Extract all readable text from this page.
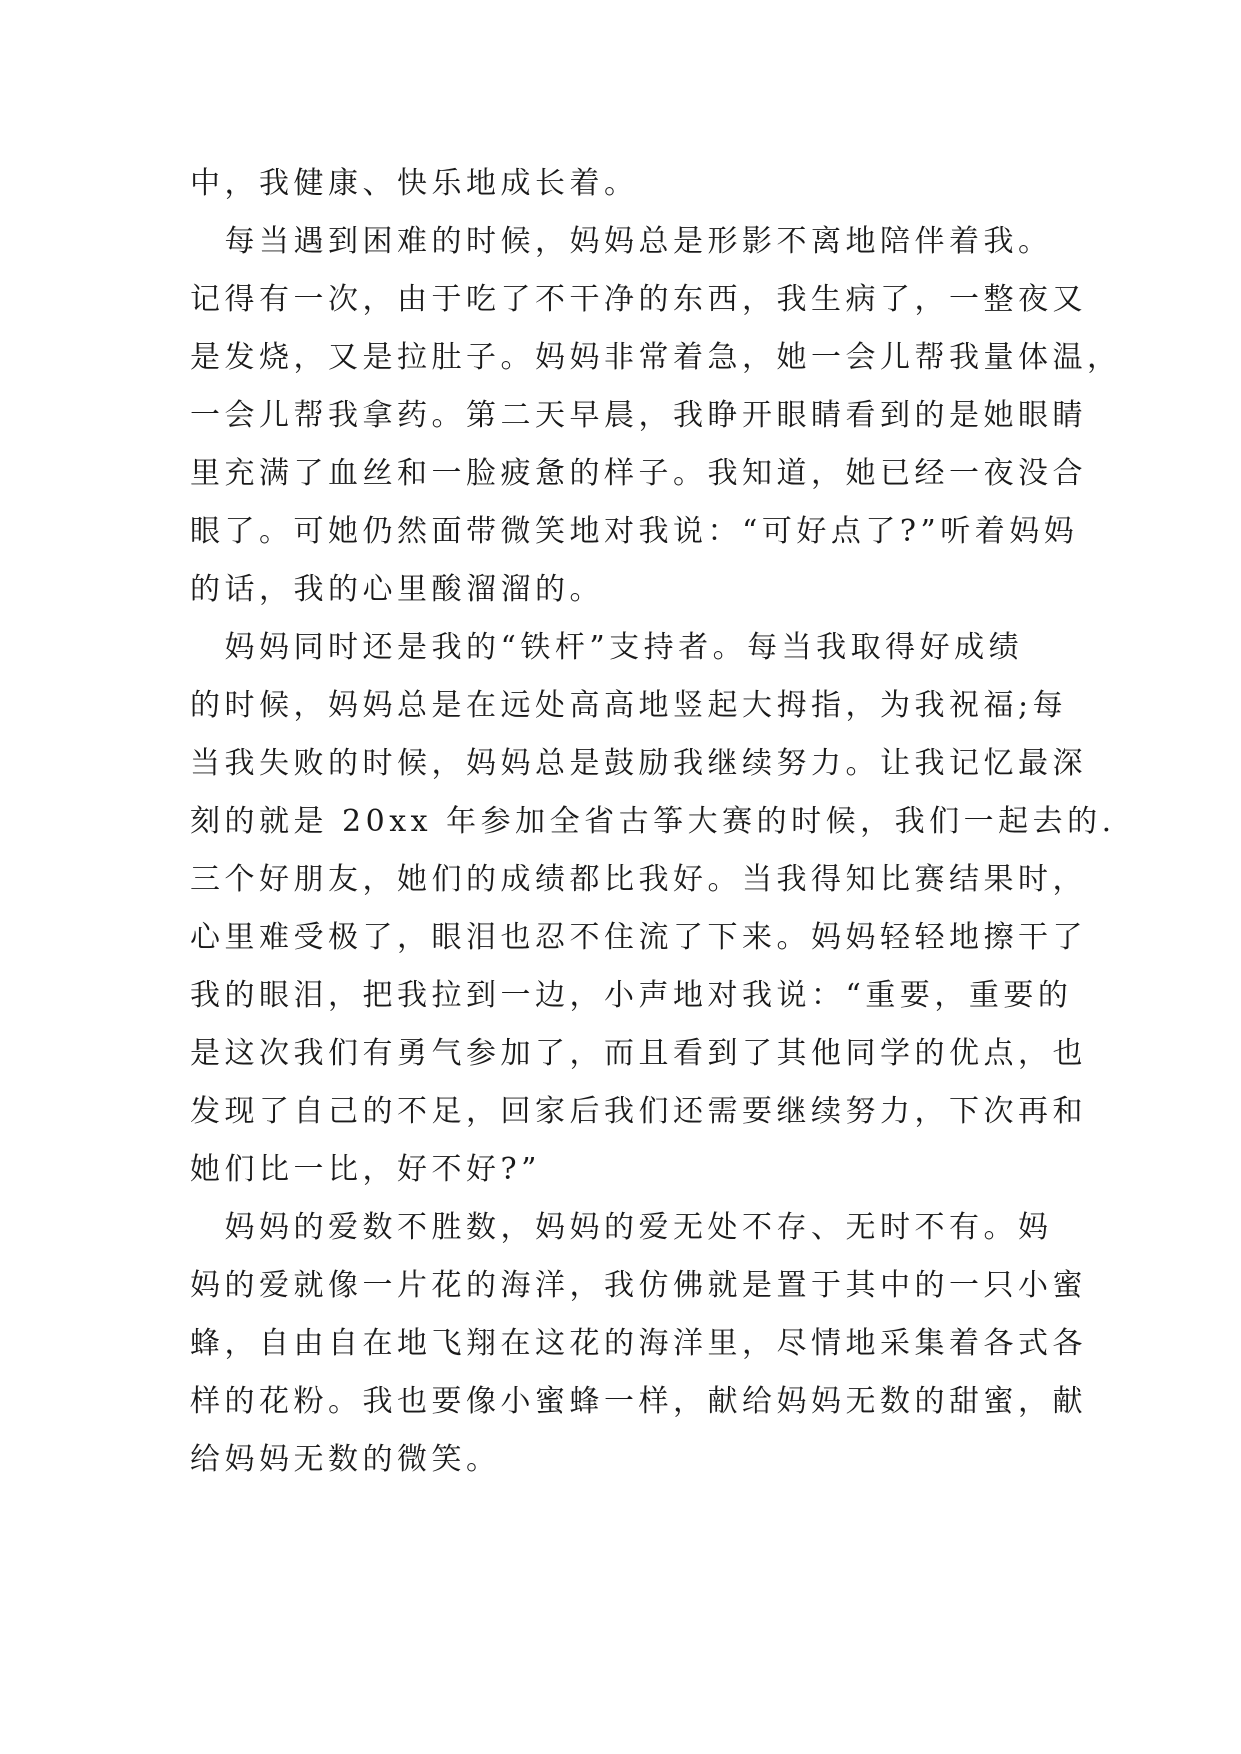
中，我健康、快乐地成长着。
　每当遇到困难的时候，妈妈总是形影不离地陪伴着我。
记得有一次，由于吃了不干净的东西，我生病了，一整夜又
是发烧，又是拉肚子。妈妈非常着急，她一会儿帮我量体温，
一会儿帮我拿药。第二天早晨，我睁开眼睛看到的是她眼睛
里充满了血丝和一脸疲惫的样子。我知道，她已经一夜没合
眼了。可她仍然面带微笑地对我说：“可好点了?”听着妈妈
的话，我的心里酸溜溜的。
　妈妈同时还是我的“铁杆”支持者。每当我取得好成绩
的时候，妈妈总是在远处高高地竖起大拇指，为我祝福;每
当我失败的时候，妈妈总是鼓励我继续努力。让我记忆最深
刻的就是 20xx 年参加全省古筝大赛的时候，我们一起去的.
三个好朋友，她们的成绩都比我好。当我得知比赛结果时，
心里难受极了，眼泪也忍不住流了下来。妈妈轻轻地擦干了
我的眼泪，把我拉到一边，小声地对我说：“重要，重要的
是这次我们有勇气参加了，而且看到了其他同学的优点，也
发现了自己的不足，回家后我们还需要继续努力，下次再和
她们比一比，好不好?”
　妈妈的爱数不胜数，妈妈的爱无处不存、无时不有。妈
妈的爱就像一片花的海洋，我仿佛就是置于其中的一只小蜜
蜂，自由自在地飞翔在这花的海洋里，尽情地采集着各式各
样的花粉。我也要像小蜜蜂一样，献给妈妈无数的甜蜜，献
给妈妈无数的微笑。
